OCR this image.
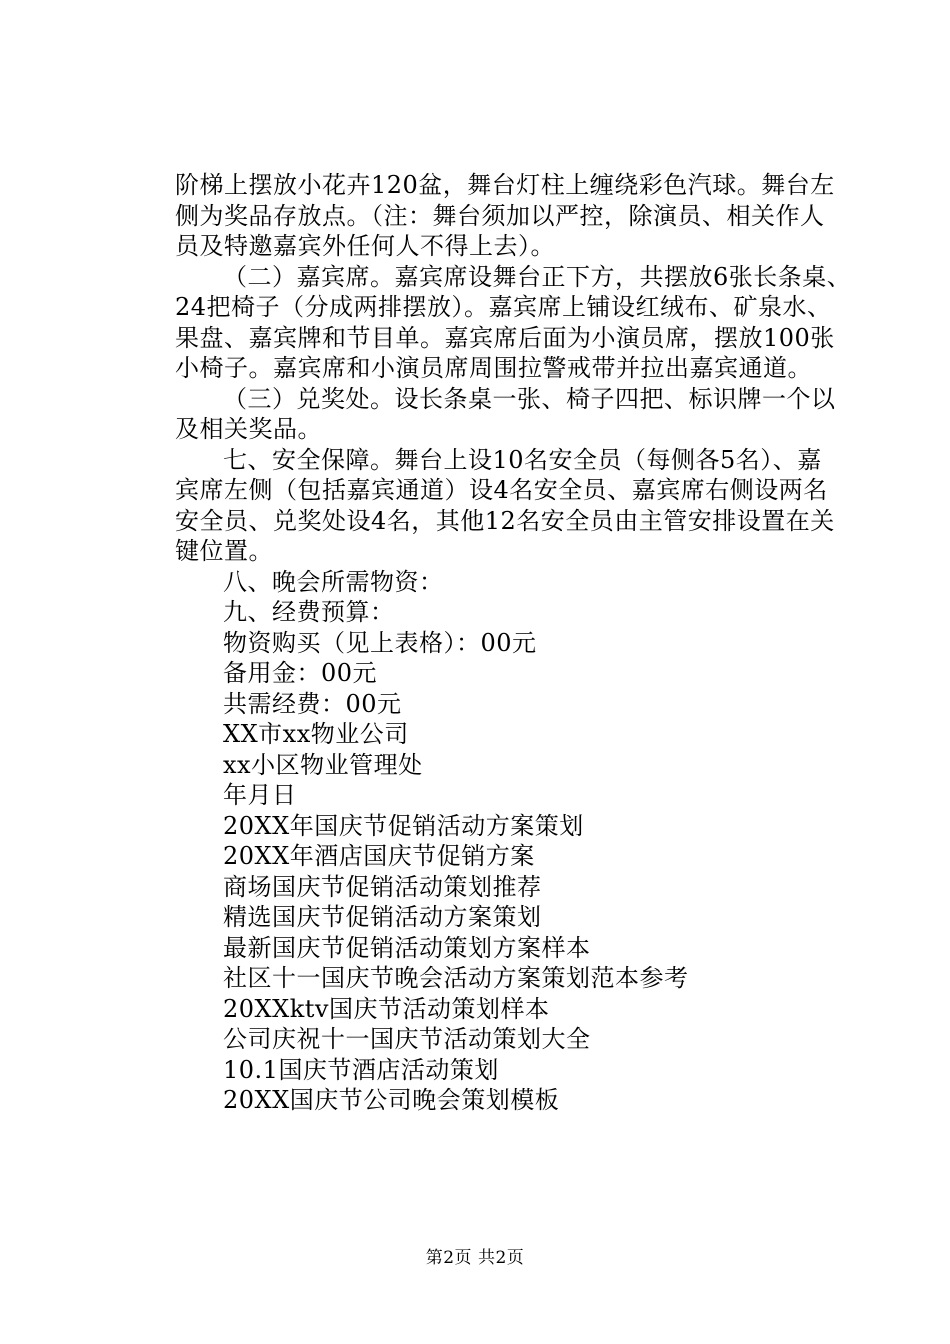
阶梯上摆放小花卉120盆，舞台灯柱上缠绕彩色汽球。舞台左
侧为奖品存放点。（注：舞台须加以严控，除演员、相关作人
员及特邀嘉宾外任何人不得上去）。

（二）嘉宾席。嘉宾席设舞台正下方，共摆放6张长条桌、

24把椅子（分成两排摆放）。嘉宾席上铺设红绒布、矿泉水、
果盘、嘉宾牌和节目单。嘉宾席后面为小演员席，摆放100张
小椅子。嘉宾席和小演员席周围拉警戒带并拉出嘉宾通道。

（三）兑奖处。设长条桌一张、椅子四把、标识牌一个以

及相关奖品。

七、安全保障。舞台上设10名安全员（每侧各5名）、嘉

宾席左侧（包括嘉宾通道）设4名安全员、嘉宾席右侧设两名
安全员、兑奖处设4名，其他12名安全员由主管安排设置在关
键位置。

八、晚会所需物资：
九、经费预算：
物资购买（见上表格）：00元
备用金：00元
共需经费：00元
XX市xx物业公司
xx小区物业管理处
年月日
20XX年国庆节促销活动方案策划
20XX年酒店国庆节促销方案
商场国庆节促销活动策划推荐
精选国庆节促销活动方案策划
最新国庆节促销活动策划方案样本
社区十一国庆节晚会活动方案策划范本参考
20XXktv国庆节活动策划样本
公司庆祝十一国庆节活动策划大全
10.1国庆节酒店活动策划
20XX国庆节公司晚会策划模板

第2页 共2页
